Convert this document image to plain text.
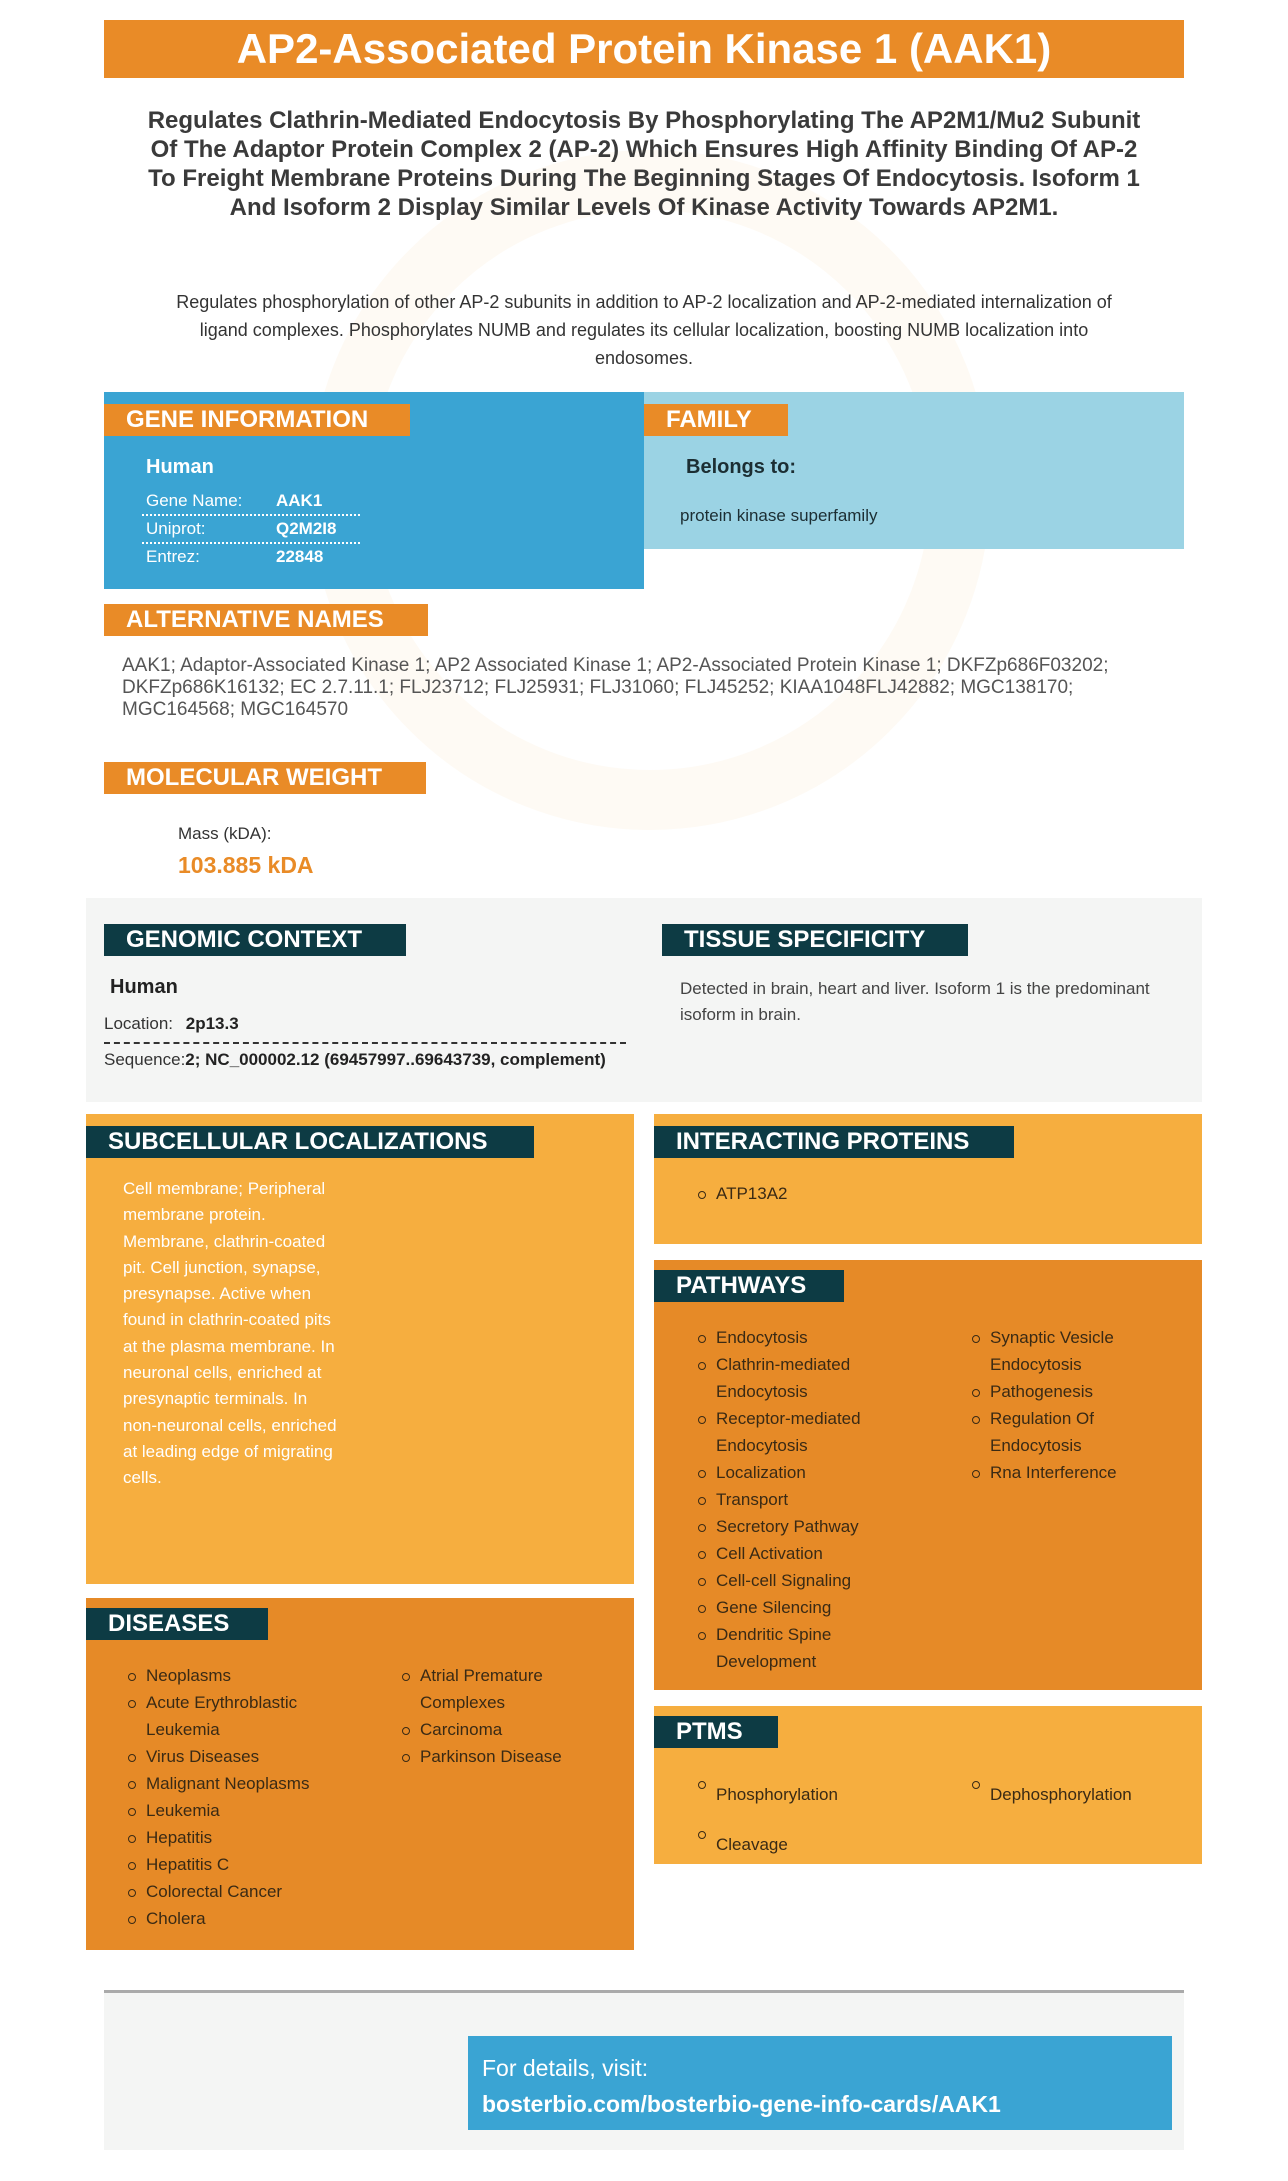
AP2-Associated Protein Kinase 1 (AAK1)
Regulates Clathrin-Mediated Endocytosis By Phosphorylating The AP2M1/Mu2 Subunit Of The Adaptor Protein Complex 2 (AP-2) Which Ensures High Affinity Binding Of AP-2 To Freight Membrane Proteins During The Beginning Stages Of Endocytosis. Isoform 1 And Isoform 2 Display Similar Levels Of Kinase Activity Towards AP2M1.
Regulates phosphorylation of other AP-2 subunits in addition to AP-2 localization and AP-2-mediated internalization of ligand complexes. Phosphorylates NUMB and regulates its cellular localization, boosting NUMB localization into endosomes.
GENE INFORMATION
Human
Gene Name: AAK1
Uniprot:	Q2M2I8
Entrez:	22848
FAMILY
Belongs to:
protein kinase superfamily
ALTERNATIVE NAMES
AAK1; Adaptor-Associated Kinase 1; AP2 Associated Kinase 1; AP2-Associated Protein Kinase 1; DKFZp686F03202; DKFZp686K16132; EC 2.7.11.1; FLJ23712; FLJ25931; FLJ31060; FLJ45252; KIAA1048FLJ42882; MGC138170; MGC164568; MGC164570
MOLECULAR WEIGHT
Mass (kDA):
103.885 kDA
GENOMIC CONTEXT
Human
Location: 2p13.3
Sequence:2; NC_000002.12 (69457997..69643739, complement)
TISSUE SPECIFICITY
Detected in brain, heart and liver. Isoform 1 is the predominant isoform in brain.
SUBCELLULAR LOCALIZATIONS
Cell membrane; Peripheral membrane protein. Membrane, clathrin-coated pit. Cell junction, synapse, presynapse. Active when found in clathrin-coated pits at the plasma membrane. In neuronal cells, enriched at presynaptic terminals. In non-neuronal cells, enriched at leading edge of migrating cells.
DISEASES
Neoplasms
Acute Erythroblastic Leukemia
Virus Diseases
Malignant Neoplasms
Leukemia
Hepatitis
Hepatitis C
Colorectal Cancer
Cholera
Atrial Premature Complexes
Carcinoma
Parkinson Disease
INTERACTING PROTEINS
ATP13A2
PATHWAYS
Endocytosis
Clathrin-mediated Endocytosis
Receptor-mediated Endocytosis
Localization
Transport
Secretory Pathway
Cell Activation
Cell-cell Signaling
Gene Silencing
Dendritic Spine Development
Synaptic Vesicle Endocytosis
Pathogenesis
Regulation Of Endocytosis
Rna Interference
PTMS
Phosphorylation
Cleavage
Dephosphorylation
For details, visit:
bosterbio.com/bosterbio-gene-info-cards/AAK1
